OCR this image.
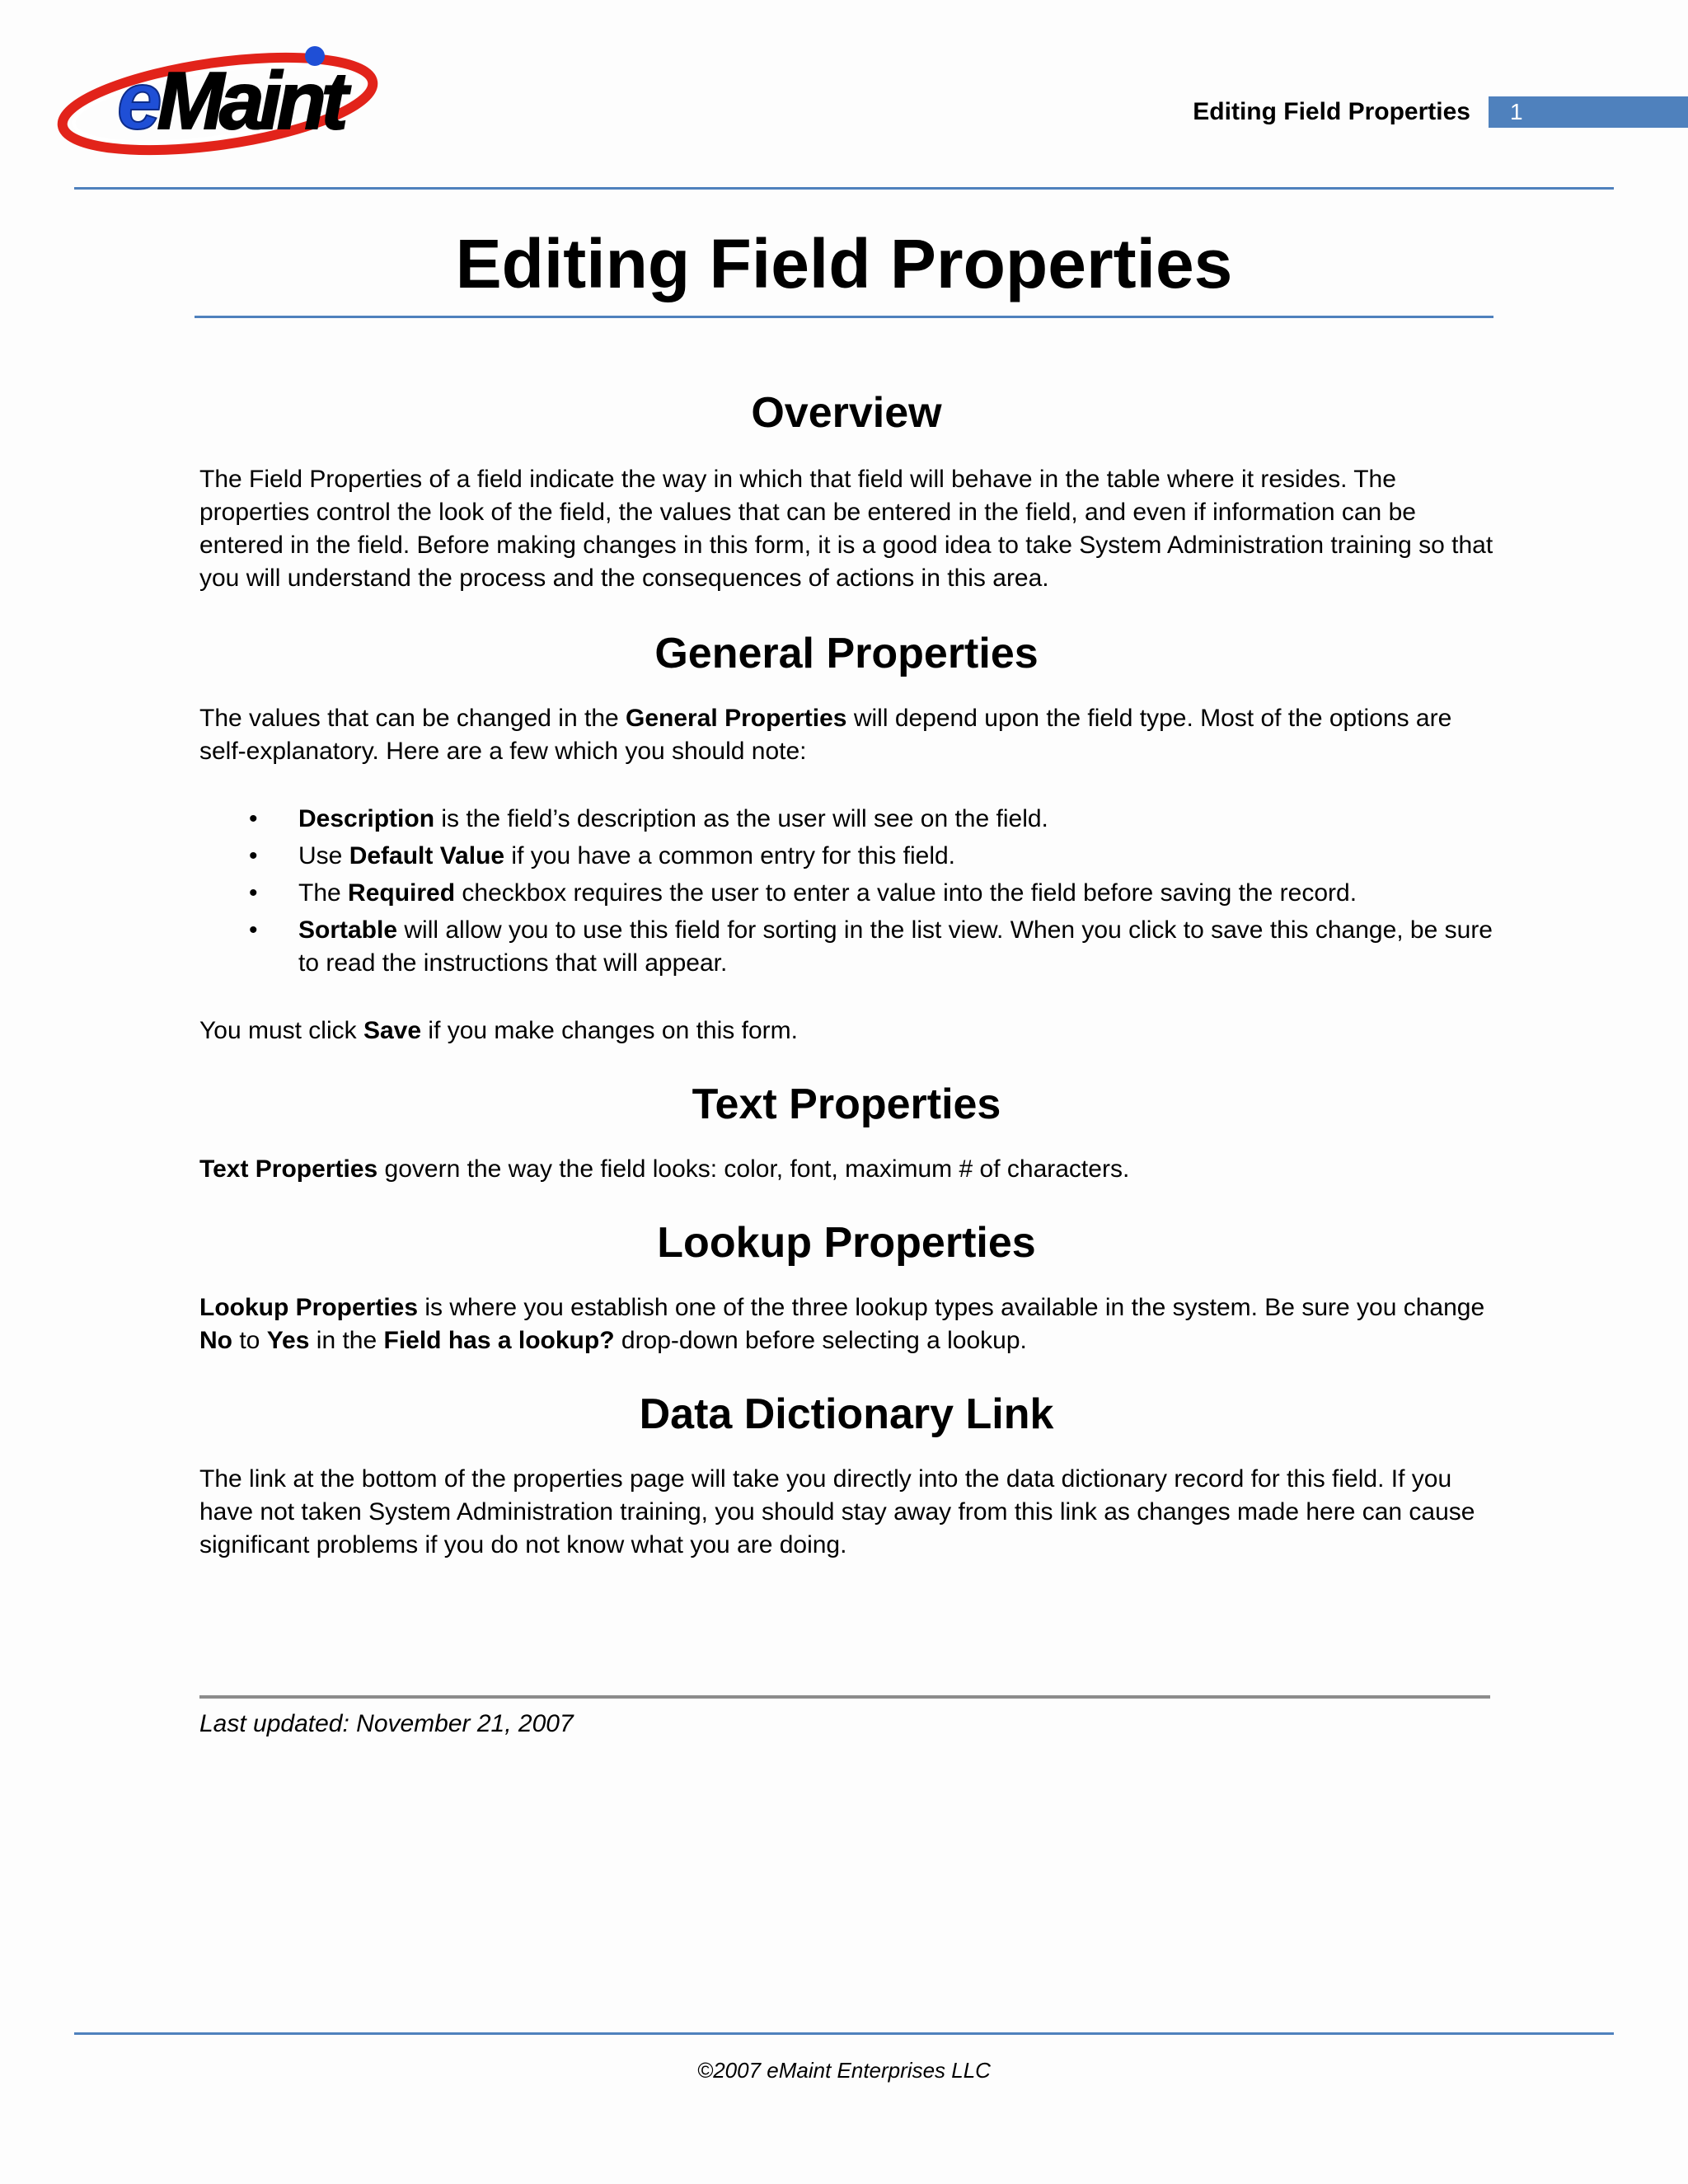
eMaint	Editing Field Properties	1
Editing Field Properties
Overview

The Field Properties of a field indicate the way in which that field will behave in the table where it resides. The properties control the look of the field, the values that can be entered in the field, and even if information can be entered in the field. Before making changes in this form, it is a good idea to take System Administration training so that you will understand the process and the consequences of actions in this area.

General Properties

The values that can be changed in the General Properties will depend upon the field type. Most of the options are self-explanatory. Here are a few which you should note:

• Description is the field’s description as the user will see on the field.
• Use Default Value if you have a common entry for this field.
• The Required checkbox requires the user to enter a value into the field before saving the record.
• Sortable will allow you to use this field for sorting in the list view. When you click to save this change, be sure to read the instructions that will appear.

You must click Save if you make changes on this form.

Text Properties

Text Properties govern the way the field looks: color, font, maximum # of characters.

Lookup Properties

Lookup Properties is where you establish one of the three lookup types available in the system. Be sure you change No to Yes in the Field has a lookup? drop-down before selecting a lookup.

Data Dictionary Link

The link at the bottom of the properties page will take you directly into the data dictionary record for this field. If you have not taken System Administration training, you should stay away from this link as changes made here can cause significant problems if you do not know what you are doing.

Last updated: November 21, 2007
©2007 eMaint Enterprises LLC
